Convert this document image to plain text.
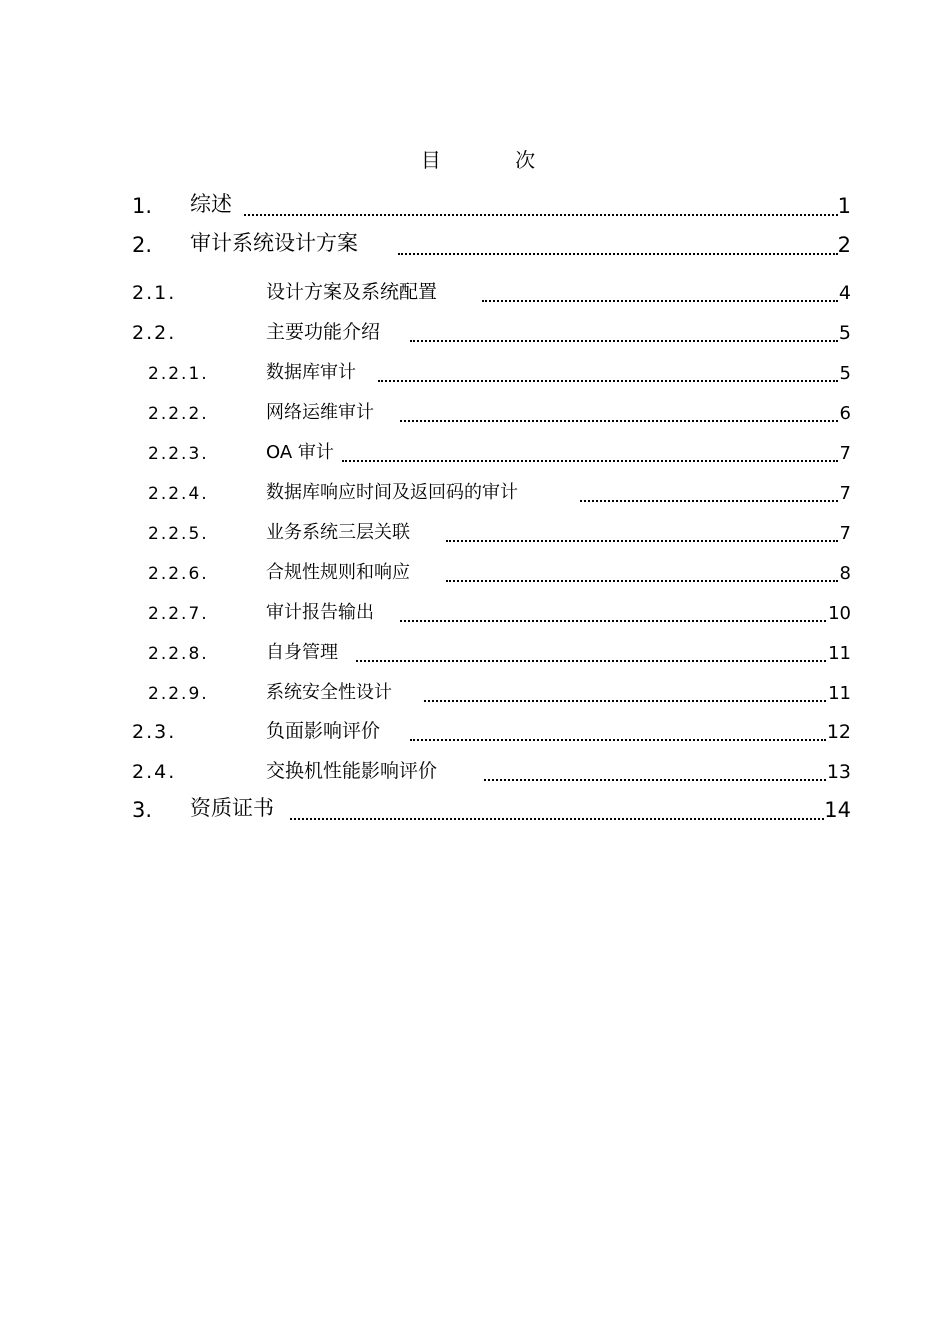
目 次
1. 综述	1
2. 审计系统设计方案	2
2.1.	设计方案及系统配置	4
2.2.	主要功能介绍	5
2.2.1.	数据库审计	5
2.2.2.	网络运维审计	6
2.2.3.	OA 审计	7
2.2.4.	数据库响应时间及返回码的审计	7
2.2.5.	业务系统三层关联	7
2.2.6.	合规性规则和响应	8
2.2.7.	审计报告输出	10
2.2.8.	自身管理	11
2.2.9.	系统安全性设计	11
2.3.	负面影响评价	12
2.4.	交换机性能影响评价	13
3. 资质证书	14
